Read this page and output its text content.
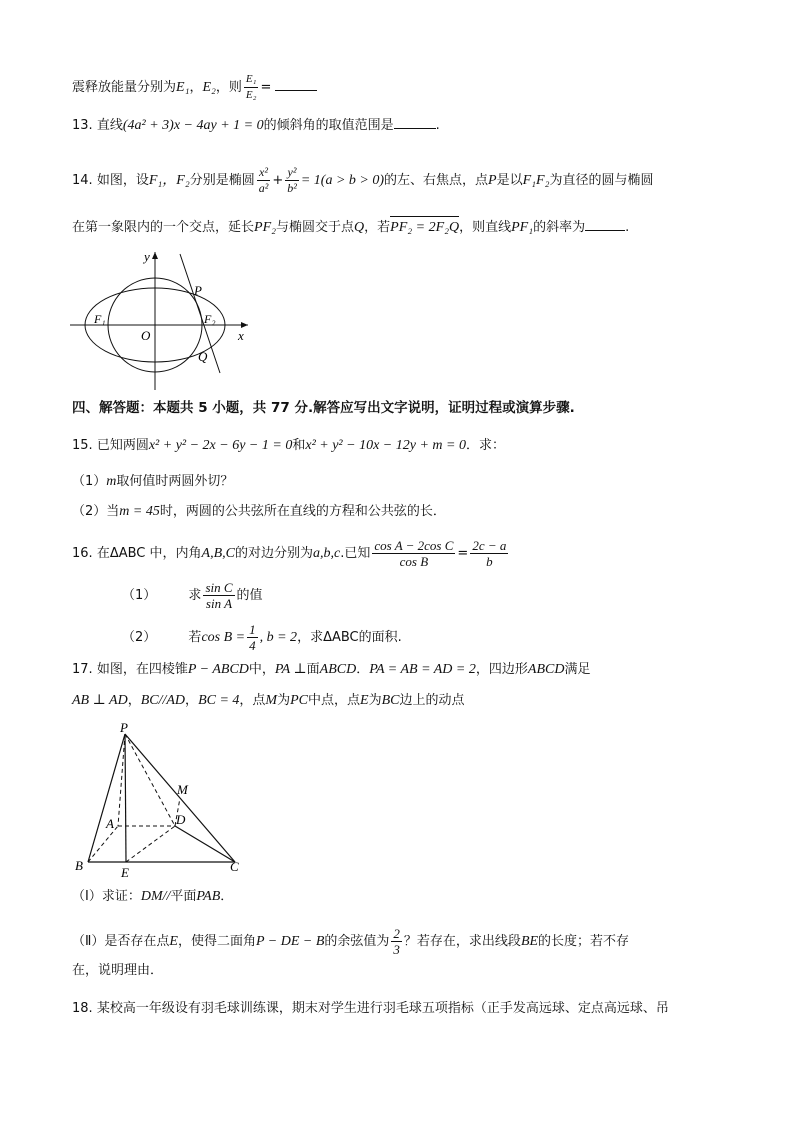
震释放能量分别为E₁，E₂，则 $\frac{\text{E₁}}{\text{E₂}}$ =
13. 直线(4a² + 3)x − 4ay + 1 = 0的倾斜角的取值范围是	.
14. 如图，设F₁，F₂分别是椭圆 $\frac{\text{x²}}{\text{a²}} + \frac{\text{y²}}{\text{b²}} = 1(a > b > 0)$的左、右焦点，点P是以F₁F₂为直径的圆与椭圆
在第一象限内的一个交点，延长PF₂与椭圆交于点Q，若PF₂ = 2F₂Q，则直线PF₁的斜率为	.
y
x
P
F₁	F₂
O
Q
四、解答题：本题共 5 小题，共 77 分.解答应写出文字说明，证明过程或演算步骤.
15. 已知两圆x² + y² − 2x − 6y − 1 = 0和x² + y² − 10x − 12y + m = 0．求：
（1）m取何值时两圆外切？
（2）当m = 45时，两圆的公共弦所在直线的方程和公共弦的长．
16. 在ΔABC 中，内角A,B,C的对边分别为a,b,c.已知 $\frac{\text{cos A − 2cos C}}{\text{cos B}} = \frac{2c - a}{b}$
（1） 求 $\frac{\text{sin C}}{\text{sin A}}$ 的值
（2） 若$\cos B = \frac{1}{4}$ , b = 2，求ΔABC的面积.
17. 如图，在四棱锥P − ABCD中，PA ⊥面ABCD．PA = AB = AD = 2，四边形ABCD满足
AB ⊥ AD，BC//AD，BC = 4，点M为PC中点，点E为BC边上的动点
P
M
A	D
B	E	C
（Ⅰ）求证：DM//平面PAB．
（Ⅱ）是否存在点E，使得二面角P − DE − B的余弦值为 $\frac{2}{3}$ ？若存在，求出线段BE的长度；若不存
在，说明理由．
18. 某校高一年级设有羽毛球训练课，期末对学生进行羽毛球五项指标（正手发高远球、定点高远球、吊
